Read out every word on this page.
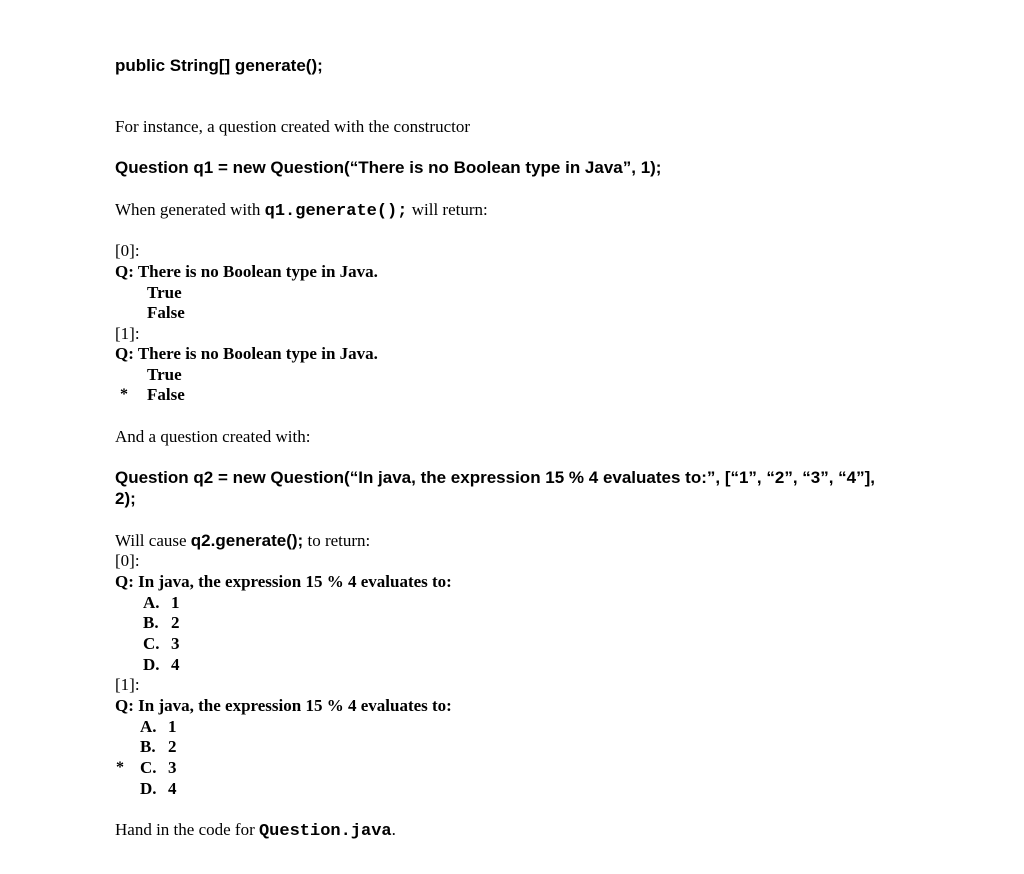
public String[] generate();

For instance, a question created with the constructor

Question q1 = new Question(“There is no Boolean type in Java”, 1);

When generated with q1.generate(); will return:

[0]:

Q: There is no Boolean type in Java.

True

False

[1]:

Q: There is no Boolean type in Java.

True

* False

And a question created with:

Question q2 = new Question(“In java, the expression 15 % 4 evaluates to:”, [“1”, “2”, “3”, “4”],

2);

Will cause q2.generate(); to return:

[0]:

Q: In java, the expression 15 % 4 evaluates to:

A. 1

B. 2

C. 3

D. 4

[1]:

Q: In java, the expression 15 % 4 evaluates to:

A. 1

B. 2

* C. 3

D. 4

Hand in the code for Question.java.
